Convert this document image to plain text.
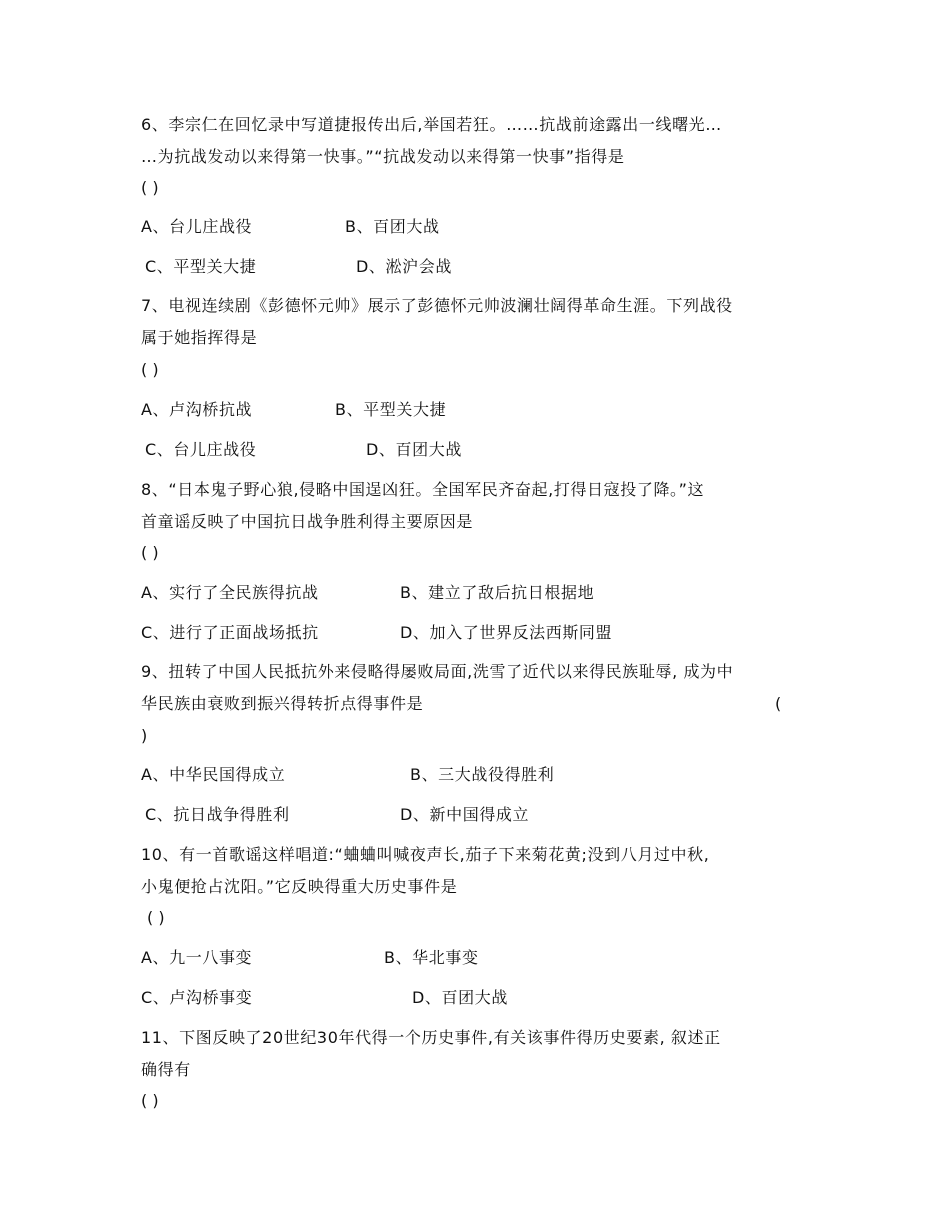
6、李宗仁在回忆录中写道捷报传出后,举国若狂。……抗战前途露出一线曙光…
…为抗战发动以来得第一快事。”“抗战发动以来得第一快事”指得是
( )
A、台儿庄战役	B、百团大战
C、平型关大捷	D、淞沪会战
7、电视连续剧《彭德怀元帅》展示了彭德怀元帅波澜壮阔得革命生涯。下列战役
属于她指挥得是
( )
A、卢沟桥抗战	B、平型关大捷
C、台儿庄战役	D、百团大战
8、“日本鬼子野心狼,侵略中国逞凶狂。全国军民齐奋起,打得日寇投了降。”这
首童谣反映了中国抗日战争胜利得主要原因是
( )
A、实行了全民族得抗战	B、建立了敌后抗日根据地
C、进行了正面战场抵抗	D、加入了世界反法西斯同盟
9、扭转了中国人民抵抗外来侵略得屡败局面,洗雪了近代以来得民族耻辱, 成为中
华民族由衰败到振兴得转折点得事件是	(
)
A、中华民国得成立	B、三大战役得胜利
C、抗日战争得胜利	D、新中国得成立
10、有一首歌谣这样唱道:“蛐蛐叫喊夜声长,茄子下来菊花黄;没到八月过中秋,
小鬼便抢占沈阳。”它反映得重大历史事件是
( )
A、九一八事变	B、华北事变
C、卢沟桥事变	D、百团大战
11、下图反映了20世纪30年代得一个历史事件,有关该事件得历史要素, 叙述正
确得有
( )
